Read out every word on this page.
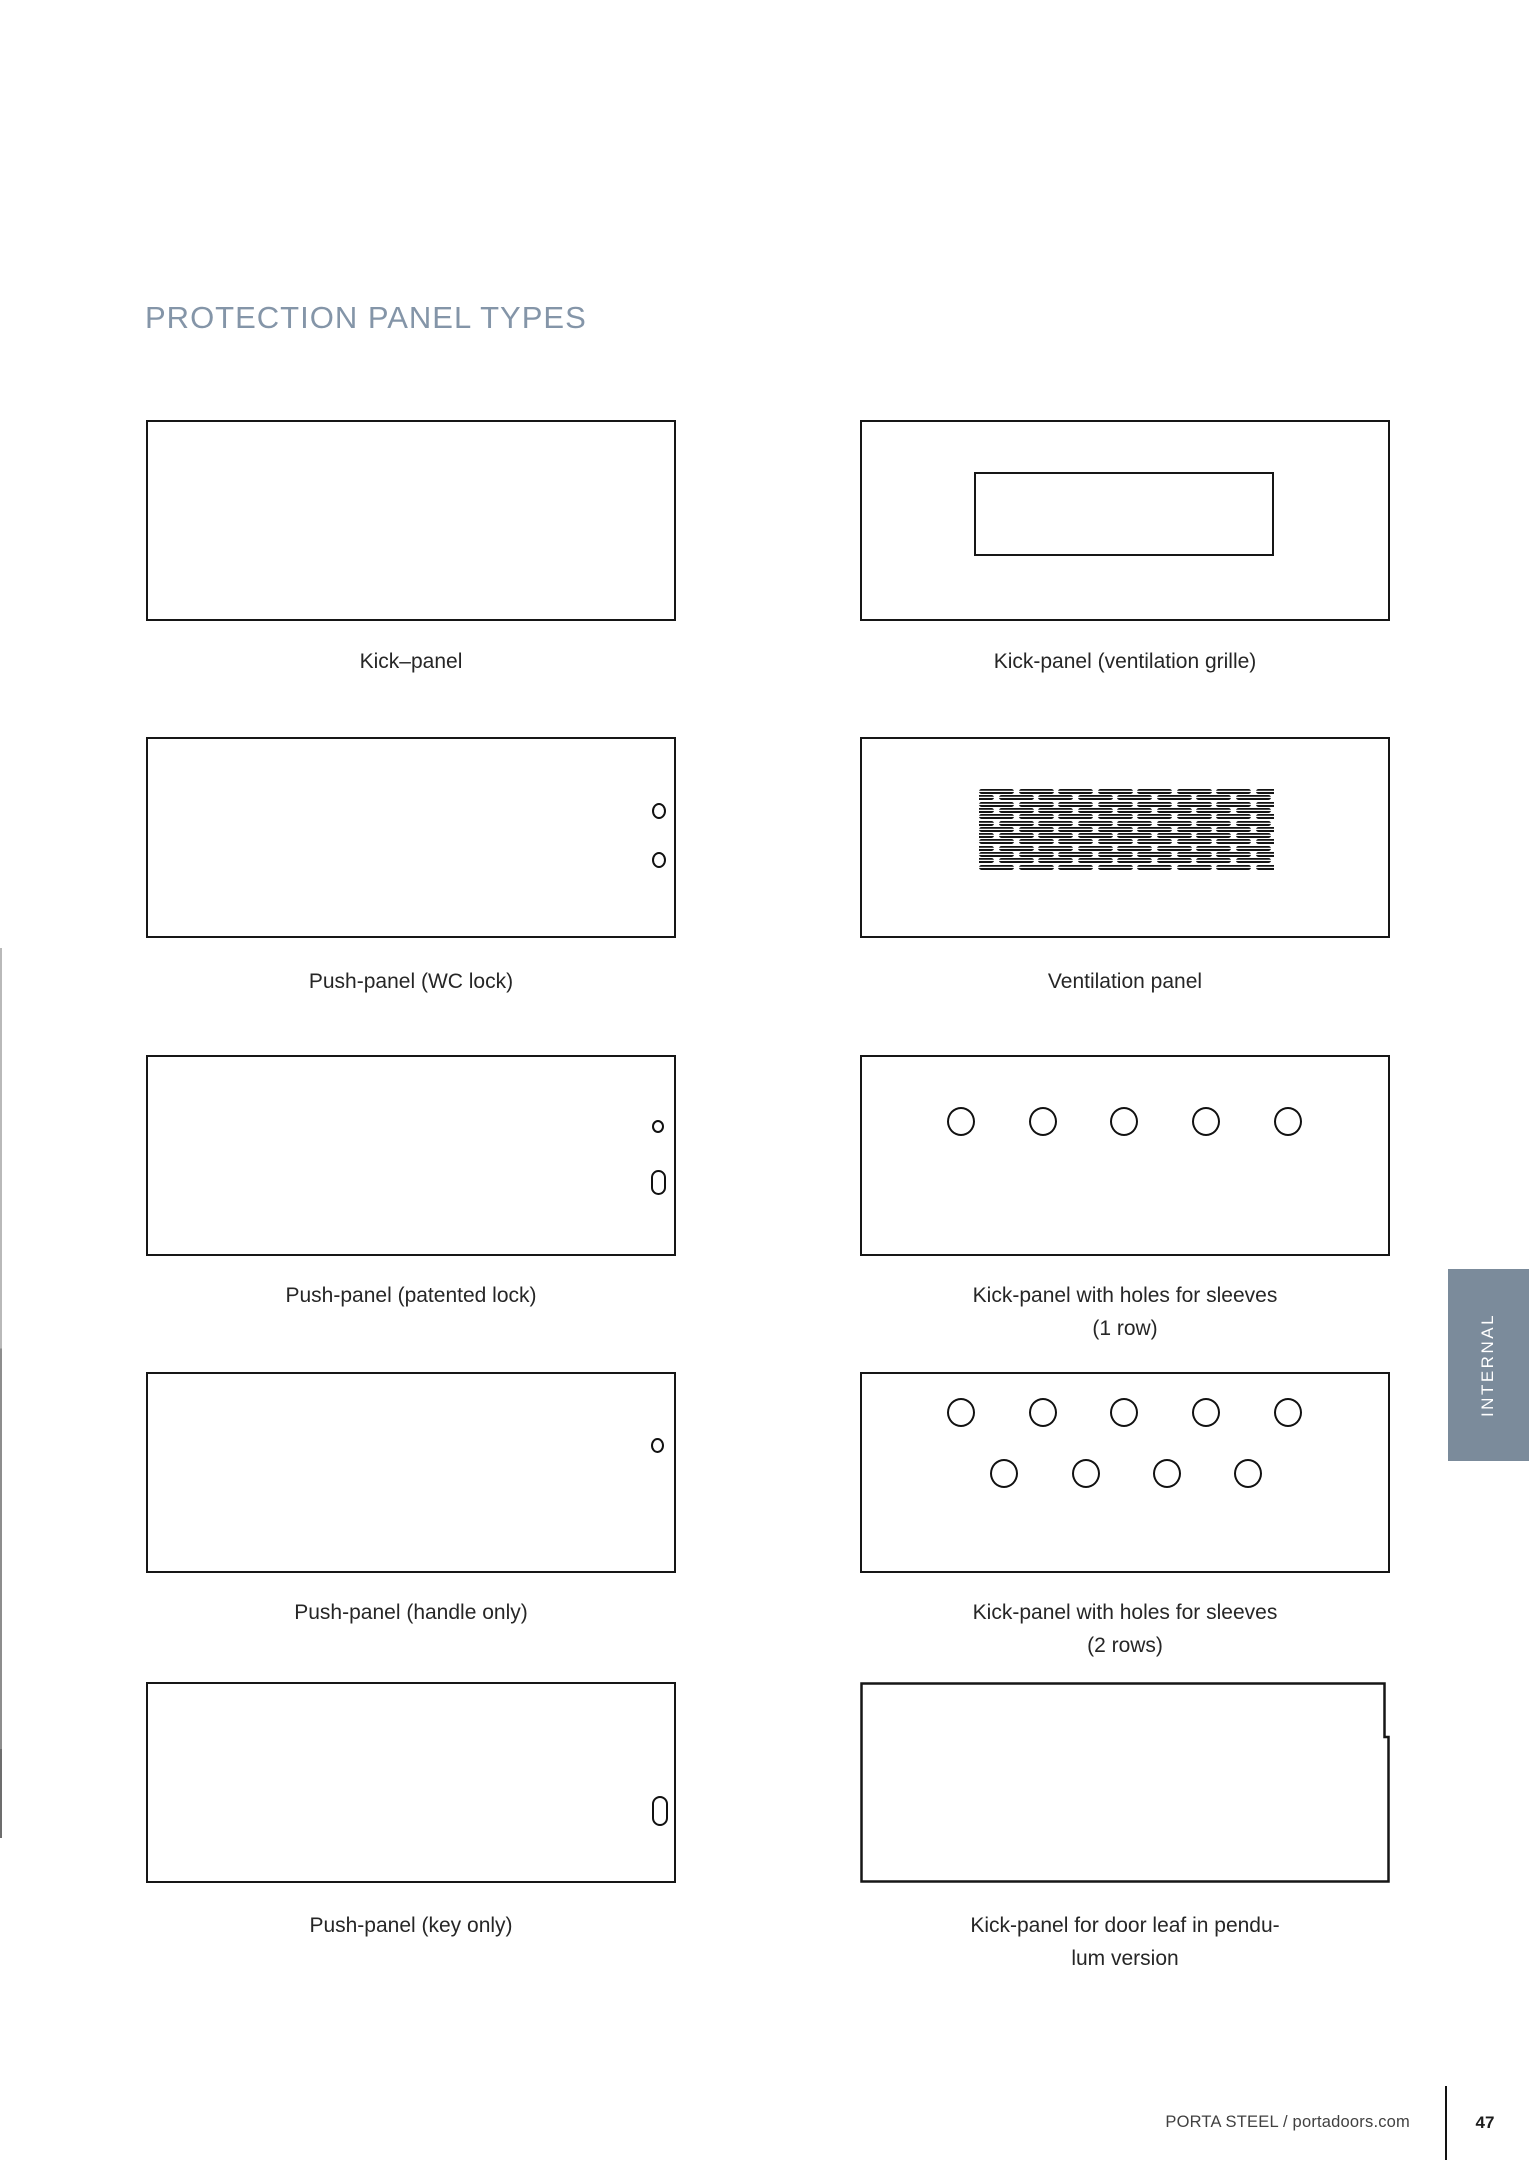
PROTECTION PANEL TYPES
Kick–panel	Kick-panel (ventilation grille)
Push-panel (WC lock)	Ventilation panel
Push-panel (patented lock)	Kick-panel with holes for sleeves
(1 row)
Push-panel (handle only)	Kick-panel with holes for sleeves
(2 rows)
Push-panel (key only)	Kick-panel for door leaf in pendu-
lum version
INTERNAL
PORTA STEEL / portadoors.com	47
